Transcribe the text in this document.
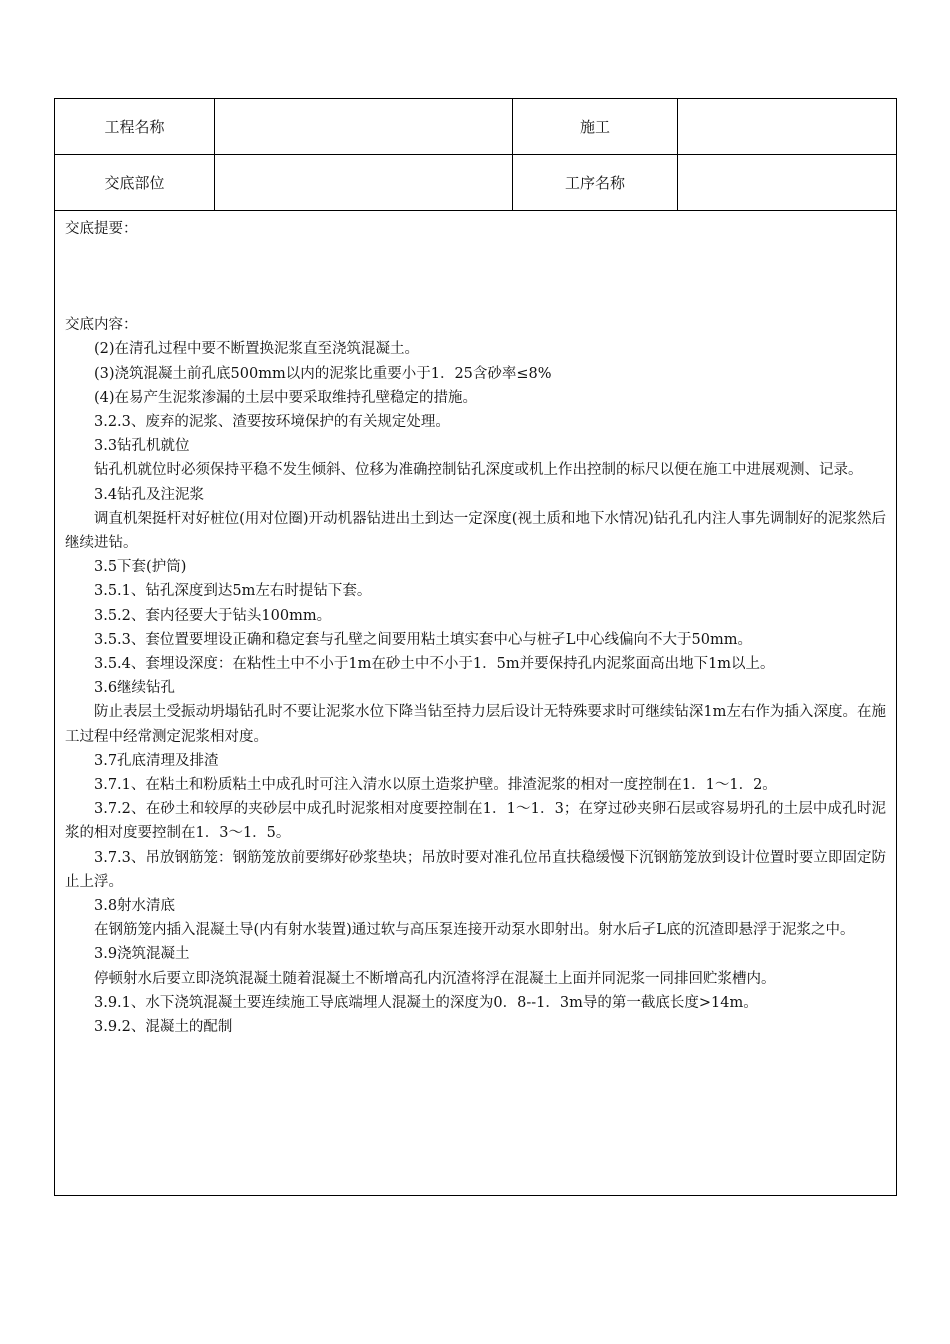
工程名称	施工
交底部位	工序名称

交底提要：

交底内容：

(2)在清孔过程中要不断置换泥浆直至浇筑混凝土。

(3)浇筑混凝土前孔底500mm以内的泥浆比重要小于1．25含砂率≤8%

(4)在易产生泥浆渗漏的土层中要采取维持孔壁稳定的措施。

3.2.3、废弃的泥浆、渣要按环境保护的有关规定处理。

3.3钻孔机就位

钻孔机就位时必须保持平稳不发生倾斜、位移为准确控制钻孔深度或机上作出控制的标尺以便在施工中进展观测、记录。

3.4钻孔及注泥浆

调直机架挺杆对好桩位(用对位圈)开动机器钻进出土到达一定深度(视土质和地下水情况)钻孔孔内注人事先调制好的泥浆然后继续进钻。

3.5下套(护筒)

3.5.1、钻孔深度到达5m左右时提钻下套。

3.5.2、套内径要大于钻头100mm。

3.5.3、套位置要埋设正确和稳定套与孔壁之间要用粘土填实套中心与桩孑L中心线偏向不大于50mm。

3.5.4、套埋设深度：在粘性土中不小于1m在砂土中不小于1．5m并要保持孔内泥浆面高出地下1m以上。

3.6继续钻孔

防止表层土受振动坍塌钻孔时不要让泥浆水位下降当钻至持力层后设计无特殊要求时可继续钻深1m左右作为插入深度。在施工过程中经常测定泥浆相对度。

3.7孔底清理及排渣

3.7.1、在粘土和粉质粘土中成孔时可注入清水以原土造浆护壁。排渣泥浆的相对一度控制在1．1～1．2。

3.7.2、在砂土和较厚的夹砂层中成孔时泥浆相对度要控制在1．1～1．3；在穿过砂夹卵石层或容易坍孔的土层中成孔时泥浆的相对度要控制在1．3～1．5。

3.7.3、吊放钢筋笼：钢筋笼放前要绑好砂浆垫块；吊放时要对准孔位吊直扶稳缓慢下沉钢筋笼放到设计位置时要立即固定防止上浮。

3.8射水清底

在钢筋笼内插入混凝土导(内有射水装置)通过软与高压泵连接开动泵水即射出。射水后孑L底的沉渣即悬浮于泥浆之中。

3.9浇筑混凝土

停顿射水后要立即浇筑混凝土随着混凝土不断增高孔内沉渣将浮在混凝土上面并同泥浆一同排回贮浆槽内。

3.9.1、水下浇筑混凝土要连续施工导底端埋人混凝土的深度为0．8--1．3m导的第一截底长度>14m。

3.9.2、混凝土的配制
